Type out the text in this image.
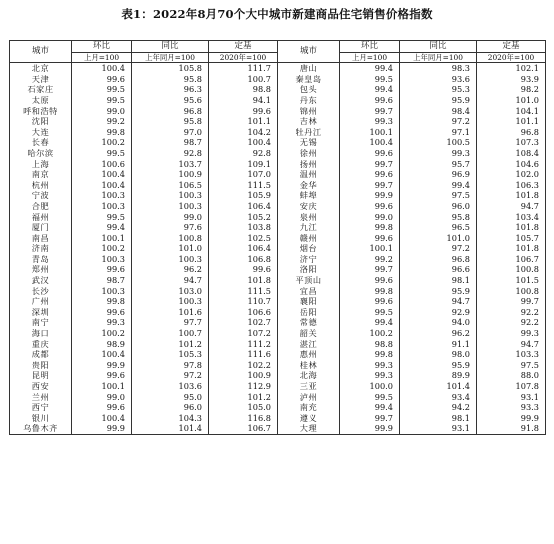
表1：2022年8月70个大中城市新建商品住宅销售价格指数
城市	环比	同比	定基	城市	环比	同比	定基
	上月=100	上年同月=100	2020年=100		上月=100	上年同月=100	2020年=100
北京	100.4	105.8	111.7	唐山	99.4	98.3	102.1
天津	99.6	95.8	100.7	秦皇岛	99.5	93.6	93.9
石家庄	99.5	96.3	98.8	包头	99.4	95.3	98.2
太原	99.5	95.6	94.1	丹东	99.6	95.9	101.0
呼和浩特	99.0	96.8	99.6	锦州	99.7	98.4	104.1
沈阳	99.2	95.8	101.1	吉林	99.3	97.2	101.1
大连	99.8	97.0	104.2	牡丹江	100.1	97.1	96.8
长春	100.2	98.7	100.4	无锡	100.4	100.5	107.3
哈尔滨	99.5	92.8	92.8	徐州	99.6	99.3	108.4
上海	100.6	103.7	109.1	扬州	99.7	95.7	104.6
南京	100.4	100.9	107.0	温州	99.6	96.9	102.0
杭州	100.4	106.5	111.5	金华	99.7	99.4	106.3
宁波	100.3	100.3	105.9	蚌埠	99.9	97.5	101.8
合肥	100.3	100.3	106.4	安庆	99.6	96.0	94.7
福州	99.5	99.0	105.2	泉州	99.0	95.8	103.4
厦门	99.4	97.6	103.8	九江	99.8	96.5	101.8
南昌	100.1	100.8	102.5	赣州	99.6	101.0	105.7
济南	100.2	101.0	106.4	烟台	100.1	97.2	101.8
青岛	100.3	100.3	106.8	济宁	99.2	96.8	106.7
郑州	99.6	96.2	99.6	洛阳	99.7	96.6	100.8
武汉	98.7	94.7	101.8	平顶山	99.6	98.1	101.5
长沙	100.3	103.0	111.5	宜昌	99.8	95.9	100.8
广州	99.8	100.3	110.7	襄阳	99.6	94.7	99.7
深圳	99.6	101.6	106.6	岳阳	99.5	92.9	92.2
南宁	99.3	97.7	102.7	常德	99.4	94.0	92.2
海口	100.2	100.7	107.2	韶关	100.2	96.2	99.3
重庆	98.9	101.2	111.2	湛江	98.8	91.1	94.7
成都	100.4	105.3	111.6	惠州	99.8	98.0	103.3
贵阳	99.9	97.8	102.2	桂林	99.3	95.9	97.5
昆明	99.6	97.2	100.9	北海	99.3	89.9	88.0
西安	100.1	103.6	112.9	三亚	100.0	101.4	107.8
兰州	99.0	95.0	101.2	泸州	99.5	93.4	93.1
西宁	99.6	96.0	105.0	南充	99.4	94.2	93.3
银川	100.4	104.3	116.8	遵义	99.7	98.1	99.9
乌鲁木齐	99.9	101.4	106.7	大理	99.9	93.1	91.8
